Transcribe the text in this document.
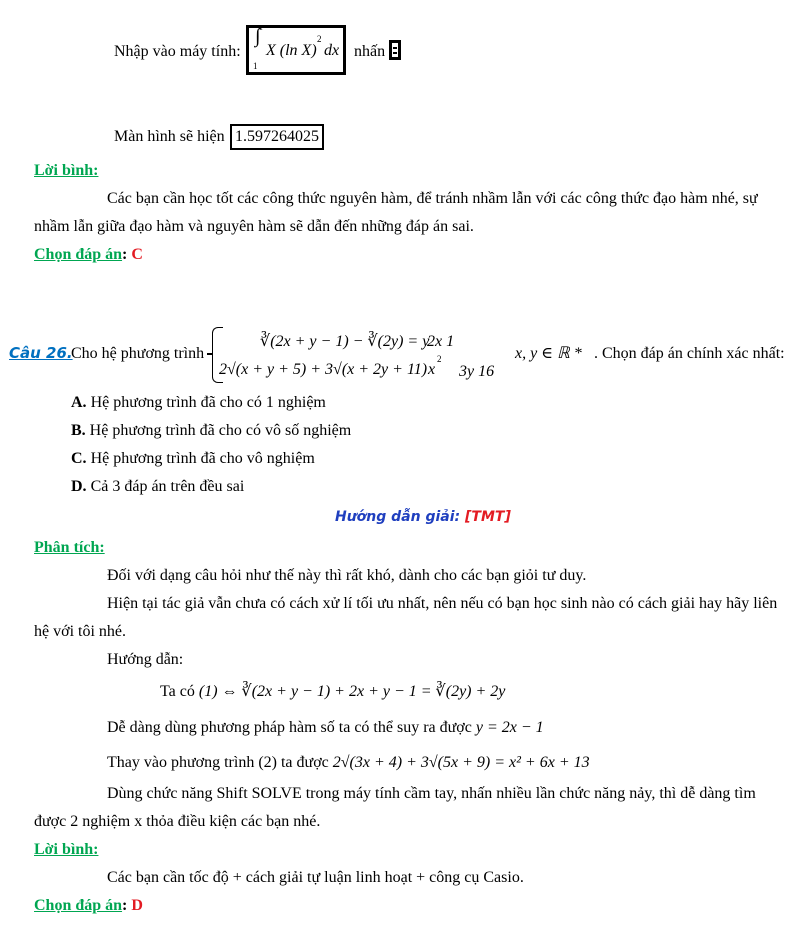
Nhập vào máy tính:
∫
e
1
X (ln X)
2
dx nhấn
Màn hình sẽ hiện 1.597264025
Lời bình:
Các bạn cần học tốt các công thức nguyên hàm, để tránh nhầm lẫn với các công thức đạo hàm nhé, sự
nhầm lẫn giữa đạo hàm và nguyên hàm sẽ dẫn đến những đáp án sai.
Chọn đáp án: C
Câu 26.
Cho hệ phương trình
∛(2x + y − 1) − ∛(2y) = y
2x 1
2√(x + y + 5) + 3√(x + 2y + 11) x
2
3y 16
x, y ∈ ℝ * . Chọn đáp án chính xác nhất:
A. Hệ phương trình đã cho có 1 nghiệm
B. Hệ phương trình đã cho có vô số nghiệm
C. Hệ phương trình đã cho vô nghiệm
D. Cả 3 đáp án trên đều sai
Hướng dẫn giải: [TMT]
Phân tích:
Đối với dạng câu hỏi như thế này thì rất khó, dành cho các bạn giỏi tư duy.
Hiện tại tác giả vẫn chưa có cách xử lí tối ưu nhất, nên nếu có bạn học sinh nào có cách giải hay hãy liên
hệ với tôi nhé.
Hướng dẫn:
Ta có (1) ⇔ ∛(2x + y − 1) + 2x + y − 1 = ∛(2y) + 2y
Dễ dàng dùng phương pháp hàm số ta có thể suy ra được y = 2x − 1
Thay vào phương trình (2) ta được 2√(3x + 4) + 3√(5x + 9) = x² + 6x + 13
Dùng chức năng Shift SOLVE trong máy tính cầm tay, nhấn nhiều lần chức năng nảy, thì dễ dàng tìm
được 2 nghiệm x thỏa điều kiện các bạn nhé.
Lời bình:
Các bạn cần tốc độ + cách giải tự luận linh hoạt + công cụ Casio.
Chọn đáp án: D
